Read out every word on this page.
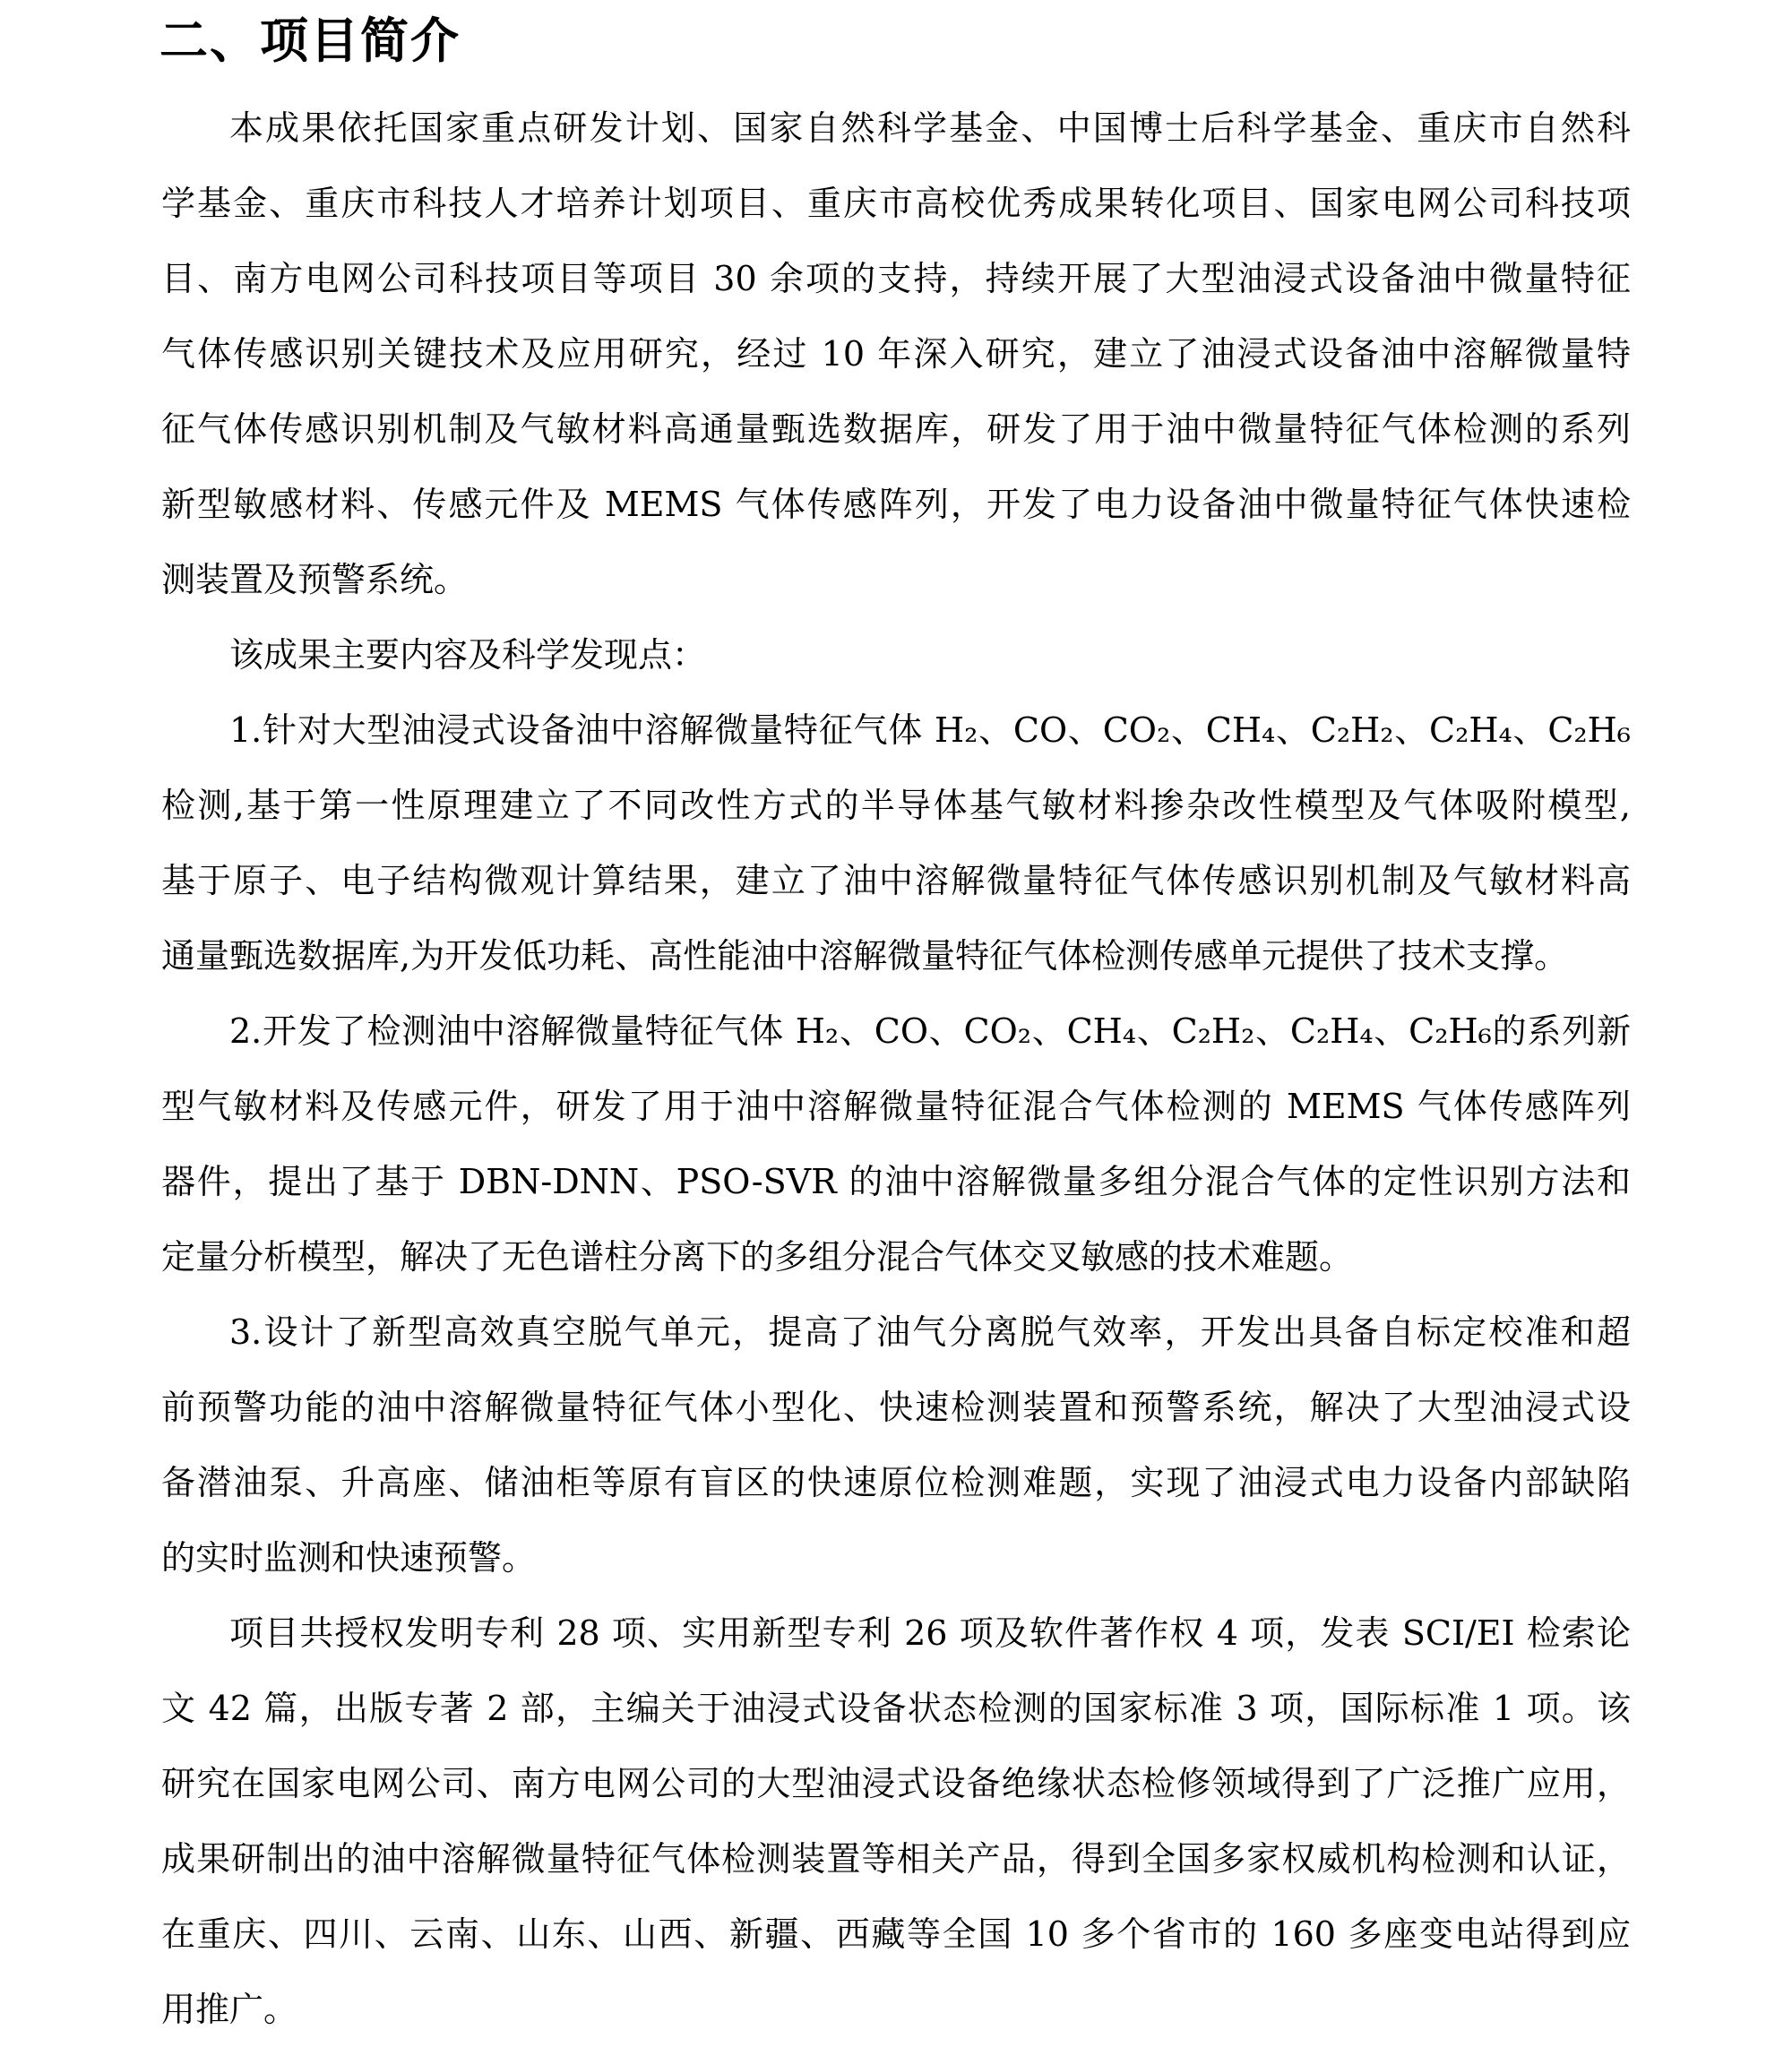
二、项目简介
本成果依托国家重点研发计划、国家自然科学基金、中国博士后科学基金、重庆市自然科
学基金、重庆市科技人才培养计划项目、重庆市高校优秀成果转化项目、国家电网公司科技项
目、南方电网公司科技项目等项目 30 余项的支持，持续开展了大型油浸式设备油中微量特征
气体传感识别关键技术及应用研究，经过 10 年深入研究，建立了油浸式设备油中溶解微量特
征气体传感识别机制及气敏材料高通量甄选数据库，研发了用于油中微量特征气体检测的系列
新型敏感材料、传感元件及 MEMS 气体传感阵列，开发了电力设备油中微量特征气体快速检
测装置及预警系统。
该成果主要内容及科学发现点：
1.针对大型油浸式设备油中溶解微量特征气体 H₂、CO、CO₂、CH₄、C₂H₂、C₂H₄、C₂H₆
检测,基于第一性原理建立了不同改性方式的半导体基气敏材料掺杂改性模型及气体吸附模型,
基于原子、电子结构微观计算结果，建立了油中溶解微量特征气体传感识别机制及气敏材料高
通量甄选数据库,为开发低功耗、高性能油中溶解微量特征气体检测传感单元提供了技术支撑。
2.开发了检测油中溶解微量特征气体 H₂、CO、CO₂、CH₄、C₂H₂、C₂H₄、C₂H₆的系列新
型气敏材料及传感元件，研发了用于油中溶解微量特征混合气体检测的 MEMS 气体传感阵列
器件，提出了基于 DBN-DNN、PSO-SVR 的油中溶解微量多组分混合气体的定性识别方法和
定量分析模型，解决了无色谱柱分离下的多组分混合气体交叉敏感的技术难题。
3.设计了新型高效真空脱气单元，提高了油气分离脱气效率，开发出具备自标定校准和超
前预警功能的油中溶解微量特征气体小型化、快速检测装置和预警系统，解决了大型油浸式设
备潜油泵、升高座、储油柜等原有盲区的快速原位检测难题，实现了油浸式电力设备内部缺陷
的实时监测和快速预警。
项目共授权发明专利 28 项、实用新型专利 26 项及软件著作权 4 项，发表 SCI/EI 检索论
文 42 篇，出版专著 2 部，主编关于油浸式设备状态检测的国家标准 3 项，国际标准 1 项。该
研究在国家电网公司、南方电网公司的大型油浸式设备绝缘状态检修领域得到了广泛推广应用，
成果研制出的油中溶解微量特征气体检测装置等相关产品，得到全国多家权威机构检测和认证，
在重庆、四川、云南、山东、山西、新疆、西藏等全国 10 多个省市的 160 多座变电站得到应
用推广。
